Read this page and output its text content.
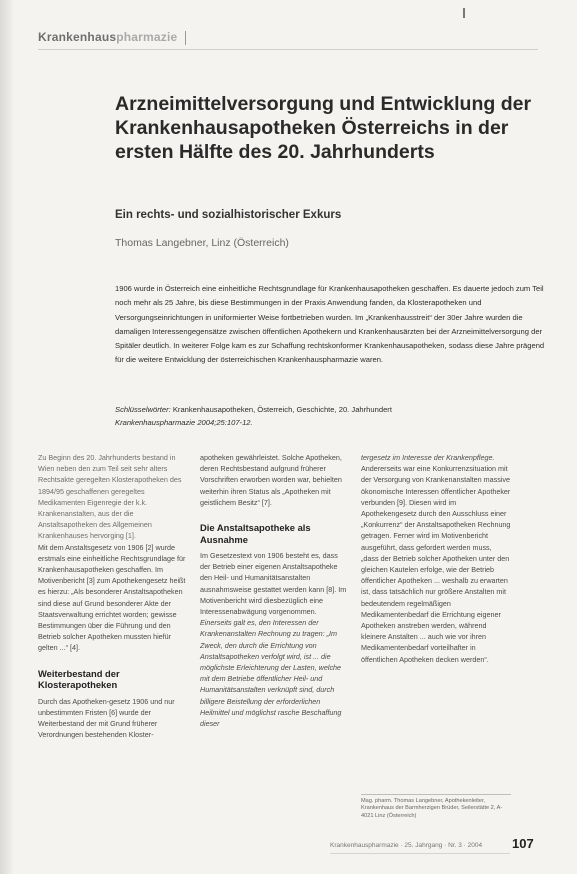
Krankenhauspharmazie
Arzneimittelversorgung und Entwicklung der Krankenhausapotheken Österreichs in der ersten Hälfte des 20. Jahrhunderts
Ein rechts- und sozialhistorischer Exkurs
Thomas Langebner, Linz (Österreich)
1906 wurde in Österreich eine einheitliche Rechtsgrundlage für Krankenhausapotheken geschaffen. Es dauerte jedoch zum Teil noch mehr als 25 Jahre, bis diese Bestimmungen in der Praxis Anwendung fanden, da Klosterapotheken und Versorgungseinrichtungen in uniformierter Weise fortbetrieben wurden. Im „Krankenhausstreit“ der 30er Jahre wurden die damaligen Interessengegensätze zwischen öffentlichen Apothekern und Krankenhausärzten bei der Arzneimittelversorgung der Spitäler deutlich. In weiterer Folge kam es zur Schaffung rechtskonformer Krankenhausapotheken, sodass diese Jahre prägend für die weitere Entwicklung der österreichischen Krankenhauspharmazie waren.
Schlüsselwörter: Krankenhausapotheken, Österreich, Geschichte, 20. Jahrhundert
Krankenhauspharmazie 2004;25:107-12.

Zu Beginn des 20. Jahrhunderts bestand in Wien neben den zum Teil seit sehr alters Rechtsakte geregelten Klosterapotheken des 1894/95 geschaffenen geregeltes Medikamenten Eigenregie der k.k. Krankenanstalten, aus der die Anstaltsapotheken des Allgemeinen Krankenhauses hervorging [1].

Mit dem Anstaltsgesetz von 1906 [2] wurde erstmals eine einheitliche Rechtsgrundlage für Krankenhausapotheken geschaffen. Im Motivenbericht [3] zum Apothekengesetz heißt es hierzu: „Als besonderer Anstaltsapotheken sind diese auf Grund besonderer Akte der Staatsverwaltung errichtet worden; gewisse Bestimmungen über die Führung und den Betrieb solcher Apotheken mussten hiefür gelten ...“ [4].

Weiterbestand der Klosterapotheken

Durch das Apotheken-gesetz 1906 und nur unbestimmten Fristen [6] wurde der Weiterbestand der mit Grund früherer Verordnungen bestehenden Kloster-

apotheken gewährleistet. Solche Apotheken, deren Rechtsbestand aufgrund früherer Vorschriften erworben worden war, behielten weiterhin ihren Status als „Apotheken mit geistlichem Besitz“ [7].

Die Anstaltsapotheke als Ausnahme

Im Gesetzestext von 1906 besteht es, dass der Betrieb einer eigenen Anstaltsapotheke den Heil- und Humanitätsanstalten ausnahmsweise gestattet werden kann [8]. Im Motivenbericht wird diesbezüglich eine Interessenabwägung vorgenommen.

Einerseits galt es, den Interessen der Krankenanstalten Rechnung zu tragen: „Im Zweck, den durch die Errichtung von Anstaltsapotheken verfolgt wird, ist ... die möglichste Erleichterung der Lasten, welche mit dem Betriebe öffentlicher Heil- und Humanitätsanstalten verknüpft sind, durch billigere Beistellung der erforderlichen Heilmittel und möglichst rasche Beschaffung dieser

tergesetz im Interesse der Krankenpflege.

Andererseits war eine Konkurrenzsituation mit der Versorgung von Krankenanstalten massive ökonomische Interessen öffentlicher Apotheker verbunden [9]. Diesen wird im Apothekengesetz durch den Ausschluss einer „Konkurrenz“ der Anstaltsapotheken Rechnung getragen. Ferner wird im Motivenbericht ausgeführt, dass gefordert werden muss, „dass der Betrieb solcher Apotheken unter den gleichen Kautelen erfolge, wie der Betrieb öffentlicher Apotheken ... weshalb zu erwarten ist, dass tatsächlich nur größere Anstalten mit bedeutendem regelmäßigen Medikamentenbedarf die Errichtung eigener Apotheken anstreben werden, während kleinere Anstalten ... auch wie vor ihren Medikamentenbedarf vorteilhafter in öffentlichen Apotheken decken werden“.

Mag. pharm. Thomas Langebner, Apothekenleiter, Krankenhaus der Barmherzigen Brüder, Seilerstätte 2, A-4021 Linz (Österreich)
Krankenhauspharmazie · 25. Jahrgang · Nr. 3 · 2004 107
